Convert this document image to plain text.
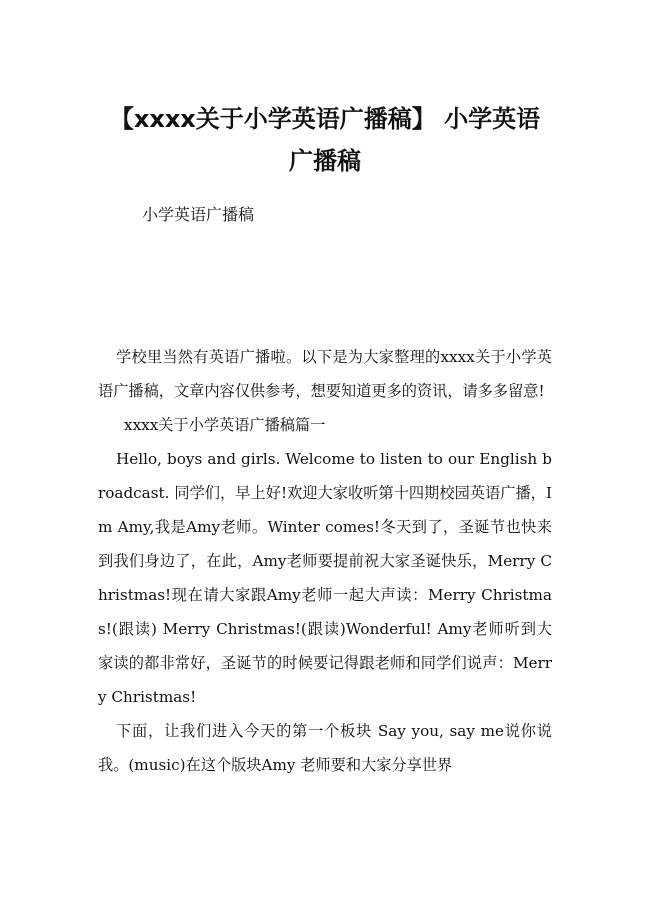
【xxxx关于小学英语广播稿】 小学英语广播稿
小学英语广播稿

学校里当然有英语广播啦。以下是为大家整理的xxxx关于小学英语广播稿，文章内容仅供参考，想要知道更多的资讯，请多多留意!

xxxx关于小学英语广播稿篇一

Hello, boys and girls. Welcome to listen to our English broadcast. 同学们，早上好!欢迎大家收听第十四期校园英语广播，Im Amy,我是Amy老师。Winter comes!冬天到了，圣诞节也快来到我们身边了，在此，Amy老师要提前祝大家圣诞快乐，Merry Christmas!现在请大家跟Amy老师一起大声读：Merry Christmas!(跟读) Merry Christmas!(跟读)Wonderful! Amy老师听到大家读的都非常好，圣诞节的时候要记得跟老师和同学们说声：Merry Christmas!

下面，让我们进入今天的第一个板块 Say you, say me说你说我。(music)在这个版块Amy 老师要和大家分享世界
